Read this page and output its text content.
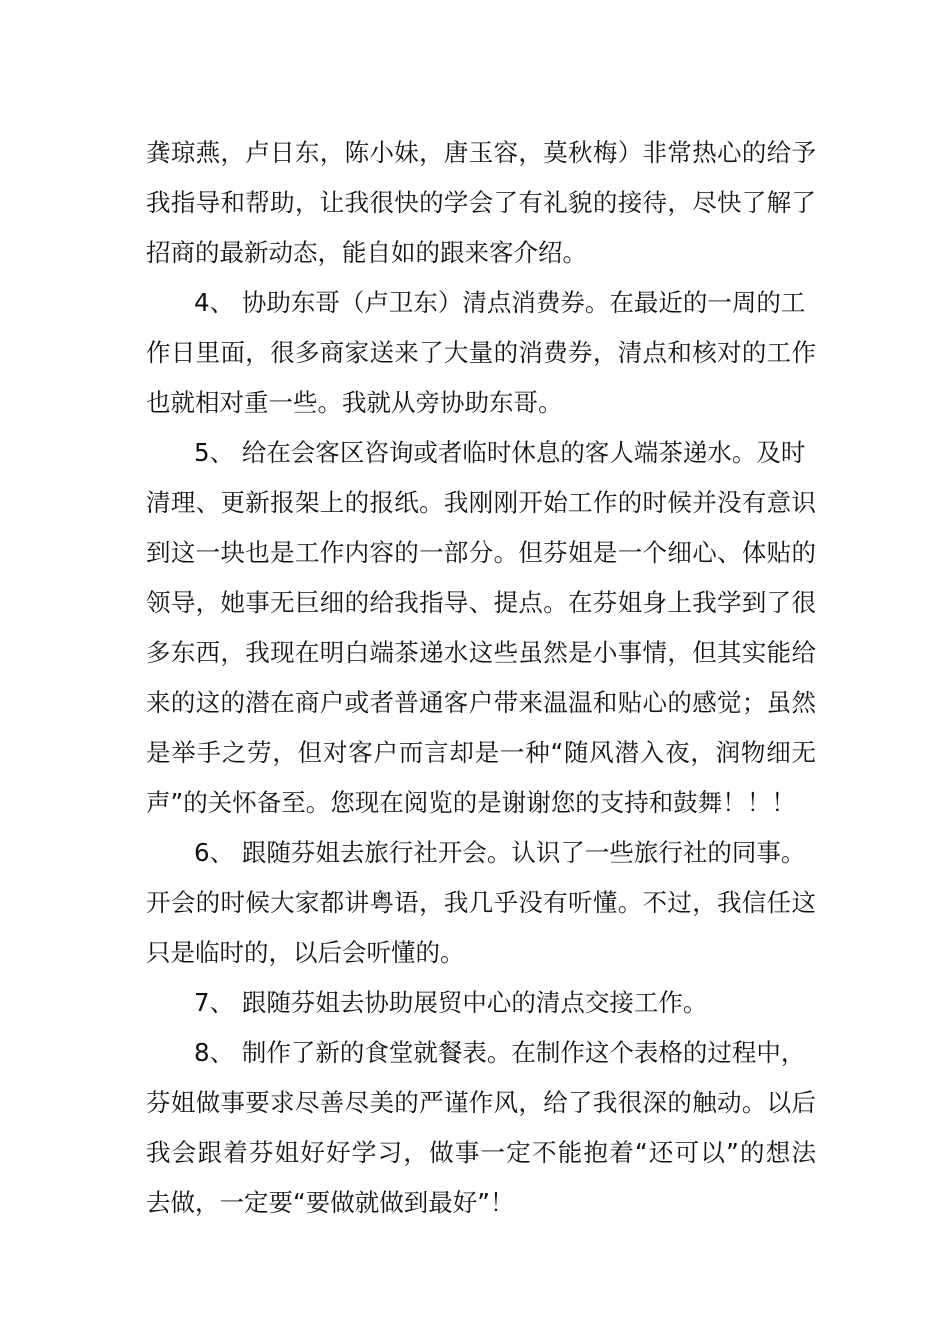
龚琼燕，卢日东，陈小妹，唐玉容，莫秋梅）非常热心的给予
我指导和帮助，让我很快的学会了有礼貌的接待，尽快了解了
招商的最新动态，能自如的跟来客介绍。
4、 协助东哥（卢卫东）清点消费券。在最近的一周的工
作日里面，很多商家送来了大量的消费券，清点和核对的工作
也就相对重一些。我就从旁协助东哥。
5、 给在会客区咨询或者临时休息的客人端茶递水。及时
清理、更新报架上的报纸。我刚刚开始工作的时候并没有意识
到这一块也是工作内容的一部分。但芬姐是一个细心、体贴的
领导，她事无巨细的给我指导、提点。在芬姐身上我学到了很
多东西，我现在明白端茶递水这些虽然是小事情，但其实能给
来的这的潜在商户或者普通客户带来温温和贴心的感觉；虽然
是举手之劳，但对客户而言却是一种“随风潜入夜，润物细无
声”的关怀备至。您现在阅览的是谢谢您的支持和鼓舞！！！
6、 跟随芬姐去旅行社开会。认识了一些旅行社的同事。
开会的时候大家都讲粤语，我几乎没有听懂。不过，我信任这
只是临时的，以后会听懂的。
7、 跟随芬姐去协助展贸中心的清点交接工作。
8、 制作了新的食堂就餐表。在制作这个表格的过程中，
芬姐做事要求尽善尽美的严谨作风，给了我很深的触动。以后
我会跟着芬姐好好学习，做事一定不能抱着“还可以”的想法
去做，一定要“要做就做到最好”！
